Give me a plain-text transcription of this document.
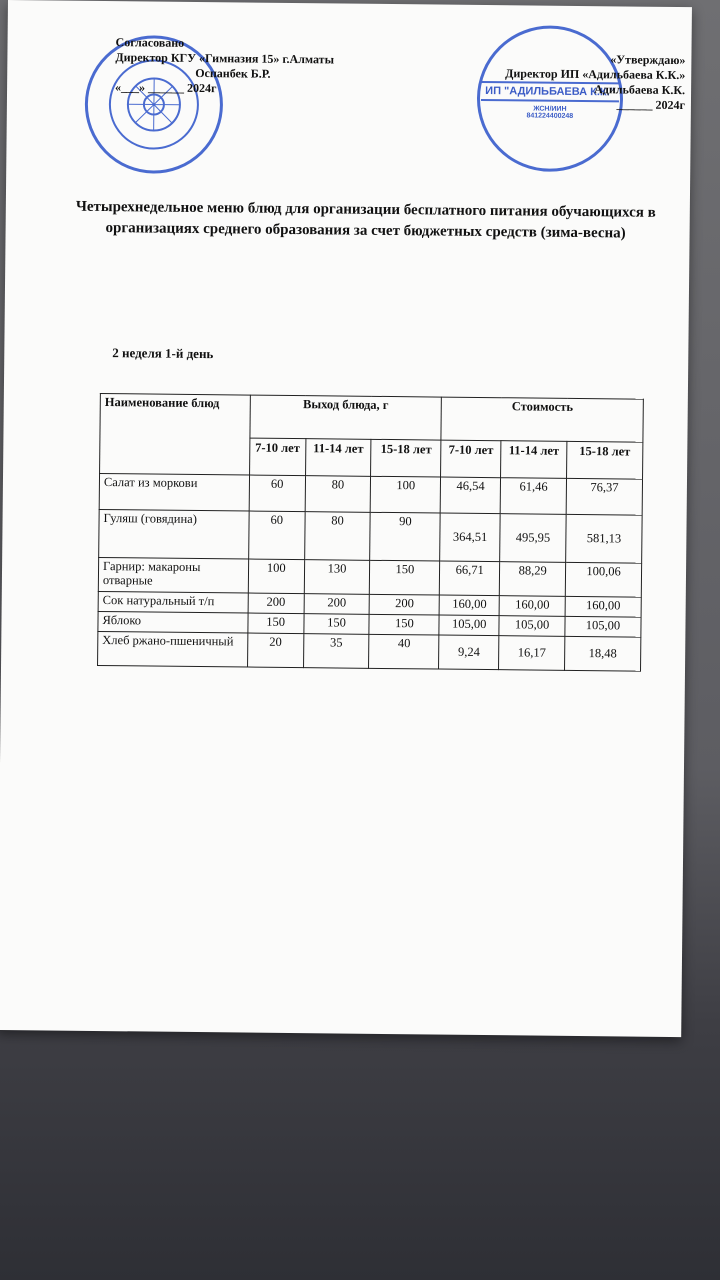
ИП "АДИЛЬБАЕВА К.К."
ЖСН/ИИН
841224400248
Согласовано
Директор КГУ «Гимназия 15» г.Алматы
Оспанбек Б.Р.
«___» ______ 2024г
«Утверждаю»
Директор ИП «Адильбаева К.К.»
Адильбаева К.К.
______ 2024г
Четырехнедельное меню блюд для организации бесплатного питания обучающихся в организациях среднего образования за счет бюджетных средств (зима-весна)
2 неделя 1-й день
Наименование блюд	Выход блюда, г			Стоимость		
	7-10 лет	11-14 лет	15-18 лет	7-10 лет	11-14 лет	15-18 лет
Салат из моркови	60	80	100	46,54	61,46	76,37
Гуляш (говядина)	60	80	90	364,51	495,95	581,13
Гарнир: макароны отварные	100	130	150	66,71	88,29	100,06
Сок натуральный т/п	200	200	200	160,00	160,00	160,00
Яблоко	150	150	150	105,00	105,00	105,00
Хлеб ржано-пшеничный	20	35	40	9,24	16,17	18,48
